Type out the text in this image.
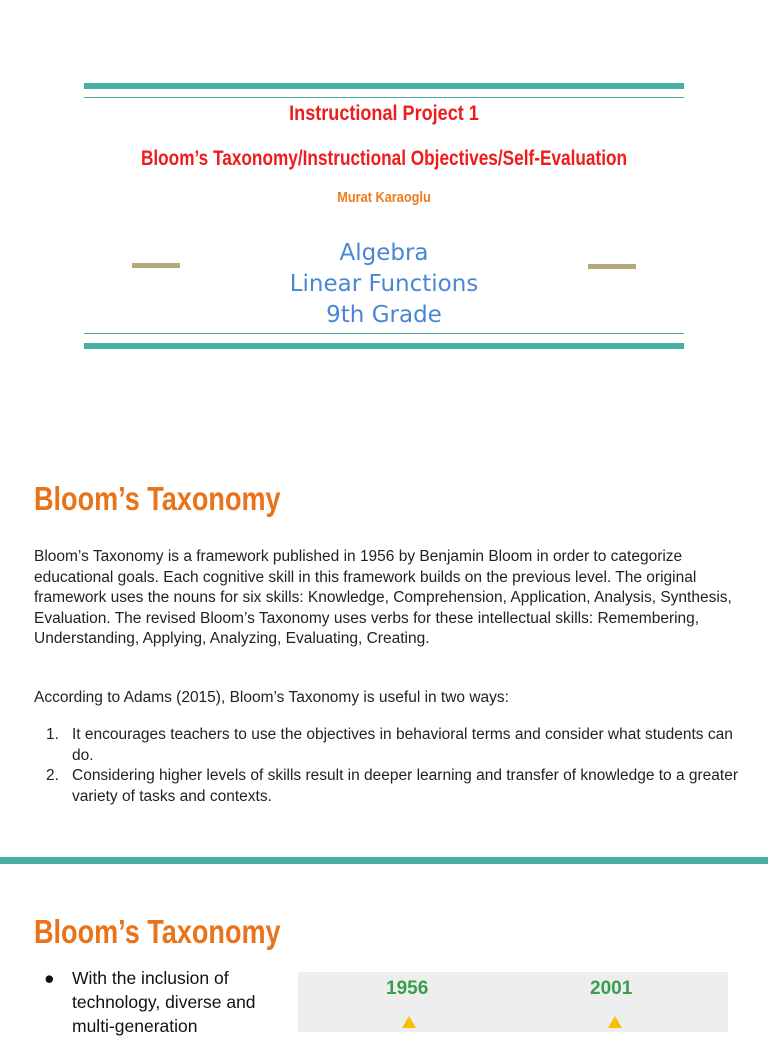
Instructional Project 1
Bloom’s Taxonomy/Instructional Objectives/Self-Evaluation
Murat Karaoglu
Algebra
Linear Functions
9th Grade
Bloom’s Taxonomy
Bloom’s Taxonomy is a framework published in 1956 by Benjamin Bloom in order to categorize educational goals. Each cognitive skill in this framework builds on the previous level. The original framework uses the nouns for six skills: Knowledge, Comprehension, Application, Analysis, Synthesis, Evaluation. The revised Bloom’s Taxonomy uses verbs for these intellectual skills: Remembering, Understanding, Applying, Analyzing, Evaluating, Creating.
According to Adams (2015), Bloom’s Taxonomy is useful in two ways:
1. It encourages teachers to use the objectives in behavioral terms and consider what students can do.
2. Considering higher levels of skills result in deeper learning and transfer of knowledge to a greater variety of tasks and contexts.
Bloom’s Taxonomy
● With the inclusion of technology, diverse and multi-generation
1956	2001
